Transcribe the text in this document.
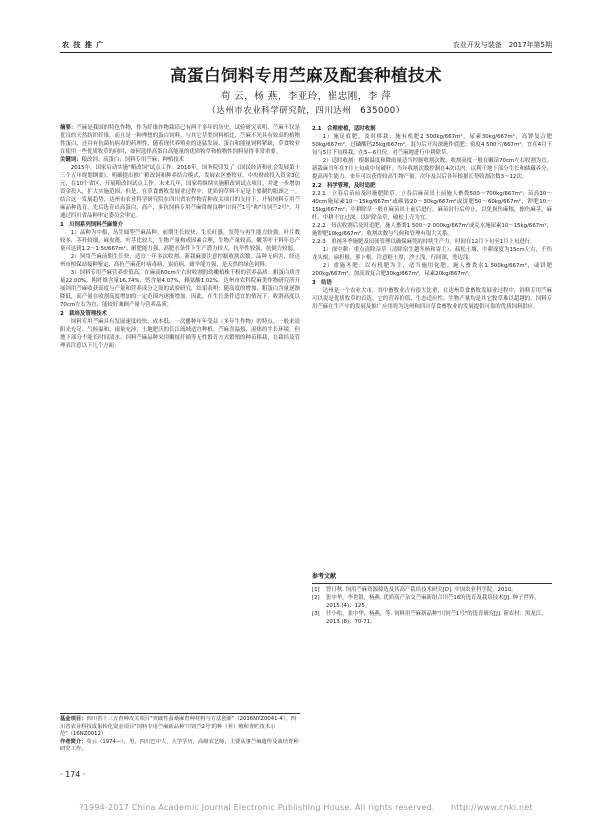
农 技 推 广	农业开发与装备　2017年第5期
高蛋白饲料专用苎麻及配套种植技术
苟 云，杨 燕，李亚玲，崔忠刚，李 萍
（达州市农业科学研究院，四川达州　635000）

摘要：苎麻是我国的特色作物，作为纤维作物栽培已有两千多年的历史。试验研究表明，苎麻不仅是优良的天然纺织纤维，而且是一种理想的蛋白饲料。与其它草类饲料相比，苎麻不光具有较高的植物性蛋白，还具有抗菌抗病毒的药理性，随着现代养殖业的迅猛发展，蛋白和能量饲料紧缺，草食牧业在使用一些优质牧草的同时，如何选择高蛋白高能量的优质牧草和植物性饲料显得非常重要。

关键词：粮改饲；高蛋白；饲料专用苎麻；种植技术

2015年，国家启动实施"粮改饲"试点工作。2016年，国务院印发了《国民经济和社会发展第十三个五年规划纲要》，明确提出推广粮改饲和种养结合模式，发展农区畜牧业。中央财政投入资金3亿元，在10个省区，开展粮改饲试点工作。未来几年，国家将继续实施粮改饲试点项目，并进一步增加资金投入，扩大实施范围。但是，在草食畜牧发展业过程中，优质饲草料不足是主要制约瓶颈之一。结合这一发展趋势，达州市农业科学研究院在四川省农作物育种攻关项目的支持下，开展饲料专用苎麻品种选育，先后选育出高蛋白、高产、多抗饲料专用苎麻常规良种"川饲苎1号"和"川饲苎2号"，并通过四川省品种审定委员会审定。

1　川饲系列饲料苎麻简介

1）品种为中根、丛生圆型苎麻品种。前期生长较快、生长旺盛，发蔸与再生能力较强。叶片数较多，茎秆较细，麻皮薄，叶茎比较大，生物产量构成因素合理，生物产量较高，嫩茎叶干料年总产量可达到1.2～1.5t/667m²。耐肥能力强，高肥水条件下生产潜力较大，抗旱性较强，抗倒力较弱。

2）饲用苎麻前期生长快，适宜一年多次收割，新栽麻要注意控制收割次数。品种无病害，经达州市植保站接种鉴定，高抗苎麻花叶病毒病、炭疽病，耐旱能力强，是天然的绿色饲料。

3）饲料专用苎麻营养价值高，在麻高60cm左右时收割的幼嫩植株干粉的营养品质：粗蛋白质含量22.00%，粗纤维含量16.74%，钙含量4.07%，赖氨酸1.02%。达州市农科院麻类作物研究所开展饲用苎麻收获高度与产量和营养成分之间的试验研究，结果表明：随高度的增加，粗蛋白含量逐渐降低，而产量在收割高度增加的一定范围内逐渐增加。因此，在生长条件适宜的情况下，收割高度以70cm左右为宜，能较好兼顾产量与营养品质。

2　栽培及管理技术

饲料专用苎麻具有发展速度较快、成本低、一次播种年年受益（多年生作物）的特点。一般来说阳光充足、气候温和、雨量充沛，土地肥沃的长江流域适宜种植。苎麻喜温热、湿热的生长环境，但地下部分不能长时间渍水。饲料苎麻品种采用嫩枝扦插等无性繁育方式繁殖的种苗移栽，在栽培及管理表注意以下几个方面：

2.1　合理密植，适时收割

1）施足底肥，及时移栽：施有机肥2 500kg/667m²，尿素30kg/667m²，高钾复合肥50kg/667m²，过磷酸钙25kg/667m²，混匀后开沟深施作底肥；密度4 500穴/667m²。宜在4月下旬与5月下旬移栽，在5—6月份，对苎麻地进行中耕除草。

2）适时收割：根据温度和降雨量适当控制收割次数，收割高度一般在嫩苗70cm左右收割为宜。新栽麻当年在7月上旬或中旬破秆，当年收割次数控制在4次以内，以利于地下部分生长和储藏养分，提高再生能力。来年可以获得较高生物产量。次年及以后各年根据长势收割次数3～12次。

2.2　科学管理，及时追肥

2.2.1　立春后苗前及时施肥除草。立春后麻苗出土前施人畜粪500～700kg/667m²；苗高30～40cm施尿素10～15kg/667m²或碳铵20～30kg/667m²或饼肥50～60kg/667m²，钾肥10～15kg/667m²；中耕除草一般在麻苗出土前后进行，麻苗封行后停止，以免损伤麻根，擦伤麻茎，麻叶。中耕不宜过深，以铲除杂草，破松土壳为宜。

2.2.2　每次收割后及时追肥，施人畜粪1 500～2 000kg/667m²或兑水施尿素10～15kg/667m²，施钾肥10kg/667m²。收割次数与气候和管理有很大关系。

2.2.3　重视冬季施肥及田间管理以确保麻蔸的持续生产力。时间在12月下旬至1月上旬进行。

1）深中耕：重点清除杂草（清除宿生越冬杨和寄主）、疏松土壤，中耕深度为15cm左右，不伤龙头根、扁担根、萝卜根，注意畦土厚，沙土浅，行间深，蔸边浅。

2）重施冬肥：以有机肥为主，适当施用化肥。施人畜粪水1 500kg/667m²，或饼肥200kg/667m²，加高效复合肥30kg/667m²，尿素20kg/667m²。

3　结语

达州是一个农业大市，其中畜牧业占有很大比重，在达州草食畜牧发展业过程中，饲料专用苎麻可以说是优质牧草的首选。它的营养价值、生态适应性、生物产量均是其它牧草难以超越的。饲料专用苎麻在生产中的发展及推广应用将为达州和四川草食畜牧业的发展提供可靠的优质饲料供应。

参考文献
[1]	曾日秋. 饲用苎麻资源筛选及其高产栽培技术研究[D]. 中国农业科学院，2010。
[2]	张中华，李世银，杨燕. 优质高产杂交苎麻新组合川苎16的选育及栽培技术[J]. 种子世界，2015.(4)：125。
[3]	任小松，张中华，杨燕，等. 饲料用苎麻新品种"川饲苎1号"的选育研究[J]. 新农村：黑龙江，2013.(8)：70-71。

基金项目：四川省十三五育种攻关项目"突破性蚕桑麻育种材料与方法创新"（2016NYZ0041-4），四川省农业科技成果转化资金项目"饲料专用苎麻新品种'川饲苎2号'的种（养）殖和青贮技术示范"（16NZ0012）

作者简介：苟云（1974—），男，四川巴中人，大学学历，高级农艺师，主要从事苎麻遗传及栽培育种研究工作。

· 174 ·
?1994-2017 China Academic Journal Electronic Publishing House. All rights reserved.　　http://www.cnki.net
